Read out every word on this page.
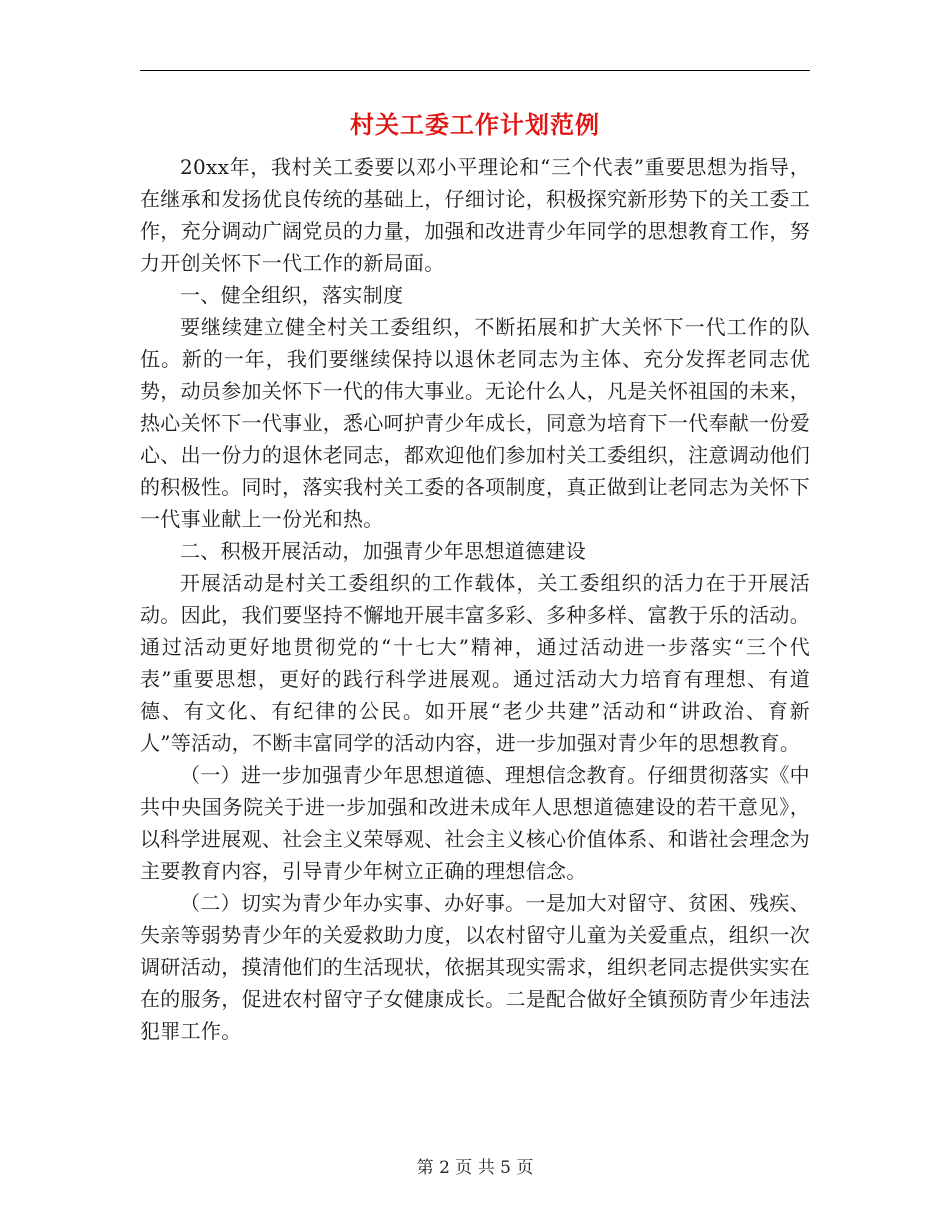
村关工委工作计划范例

20xx年，我村关工委要以邓小平理论和“三个代表”重要思想为指导，在继承和发扬优良传统的基础上，仔细讨论，积极探究新形势下的关工委工作，充分调动广阔党员的力量，加强和改进青少年同学的思想教育工作，努力开创关怀下一代工作的新局面。

一、健全组织，落实制度

要继续建立健全村关工委组织，不断拓展和扩大关怀下一代工作的队伍。新的一年，我们要继续保持以退休老同志为主体、充分发挥老同志优势，动员参加关怀下一代的伟大事业。无论什么人，凡是关怀祖国的未来，热心关怀下一代事业，悉心呵护青少年成长，同意为培育下一代奉献一份爱心、出一份力的退休老同志，都欢迎他们参加村关工委组织，注意调动他们的积极性。同时，落实我村关工委的各项制度，真正做到让老同志为关怀下一代事业献上一份光和热。

二、积极开展活动，加强青少年思想道德建设

开展活动是村关工委组织的工作载体，关工委组织的活力在于开展活动。因此，我们要坚持不懈地开展丰富多彩、多种多样、富教于乐的活动。通过活动更好地贯彻党的“十七大”精神，通过活动进一步落实“三个代表”重要思想，更好的践行科学进展观。通过活动大力培育有理想、有道德、有文化、有纪律的公民。如开展“老少共建”活动和“讲政治、育新人”等活动，不断丰富同学的活动内容，进一步加强对青少年的思想教育。

（一）进一步加强青少年思想道德、理想信念教育。仔细贯彻落实《中共中央国务院关于进一步加强和改进未成年人思想道德建设的若干意见》，以科学进展观、社会主义荣辱观、社会主义核心价值体系、和谐社会理念为主要教育内容，引导青少年树立正确的理想信念。

（二）切实为青少年办实事、办好事。一是加大对留守、贫困、残疾、失亲等弱势青少年的关爱救助力度，以农村留守儿童为关爱重点，组织一次调研活动，摸清他们的生活现状，依据其现实需求，组织老同志提供实实在在的服务，促进农村留守子女健康成长。二是配合做好全镇预防青少年违法犯罪工作。

第 2 页 共 5 页
